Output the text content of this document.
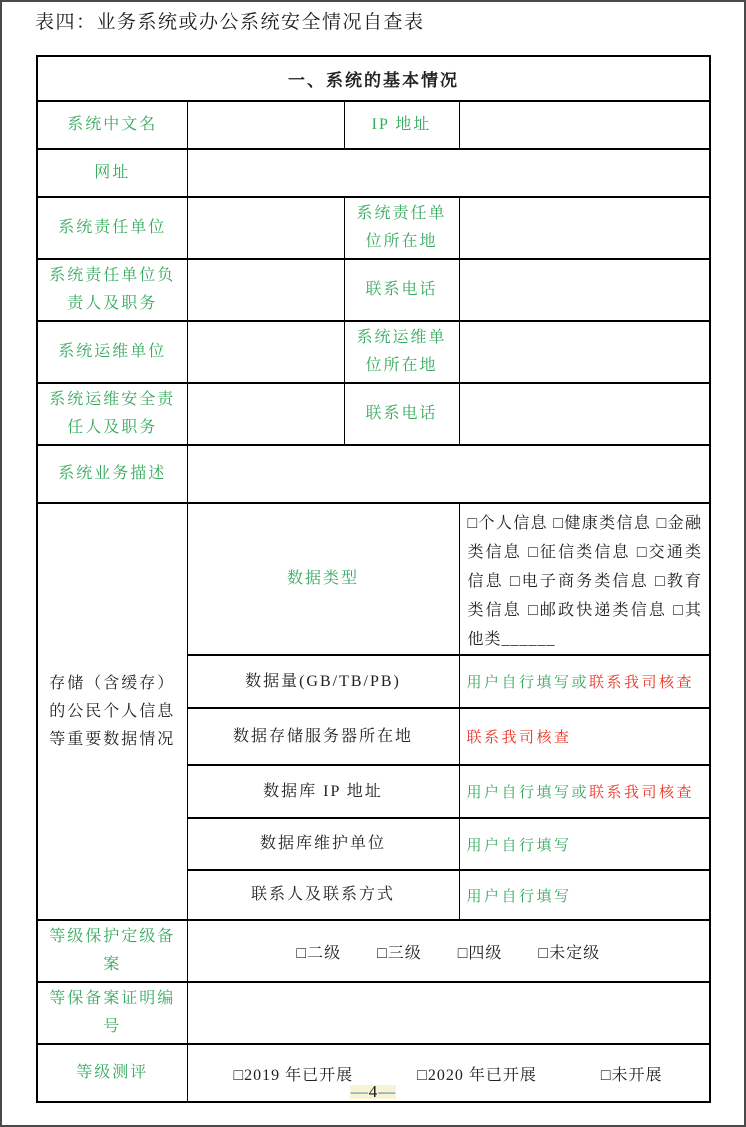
表四：业务系统或办公系统安全情况自查表
一、系统的基本情况			
系统中文名		IP 地址	
网址			
系统责任单位		系统责任单位所在地	
系统责任单位负责人及职务		联系电话	
系统运维单位		系统运维单位所在地	
系统运维安全责任人及职务		联系电话	
系统业务描述			
存储（含缓存）的公民个人信息等重要数据情况	数据类型		□个人信息 □健康类信息 □金融类信息 □征信类信息 □交通类信息 □电子商务类信息 □教育类信息 □邮政快递类信息 □其他类______
	数据量(GB/TB/PB)		用户自行填写或联系我司核查
	数据存储服务器所在地		联系我司核查
	数据库 IP 地址		用户自行填写或联系我司核查
	数据库维护单位		用户自行填写
	联系人及联系方式		用户自行填写
等级保护定级备案	□二级 □三级 □四级 □未定级		

等保备案证明编号			
等级测评	□2019 年已开展 □2020 年已开展 □未开展		
—4—
